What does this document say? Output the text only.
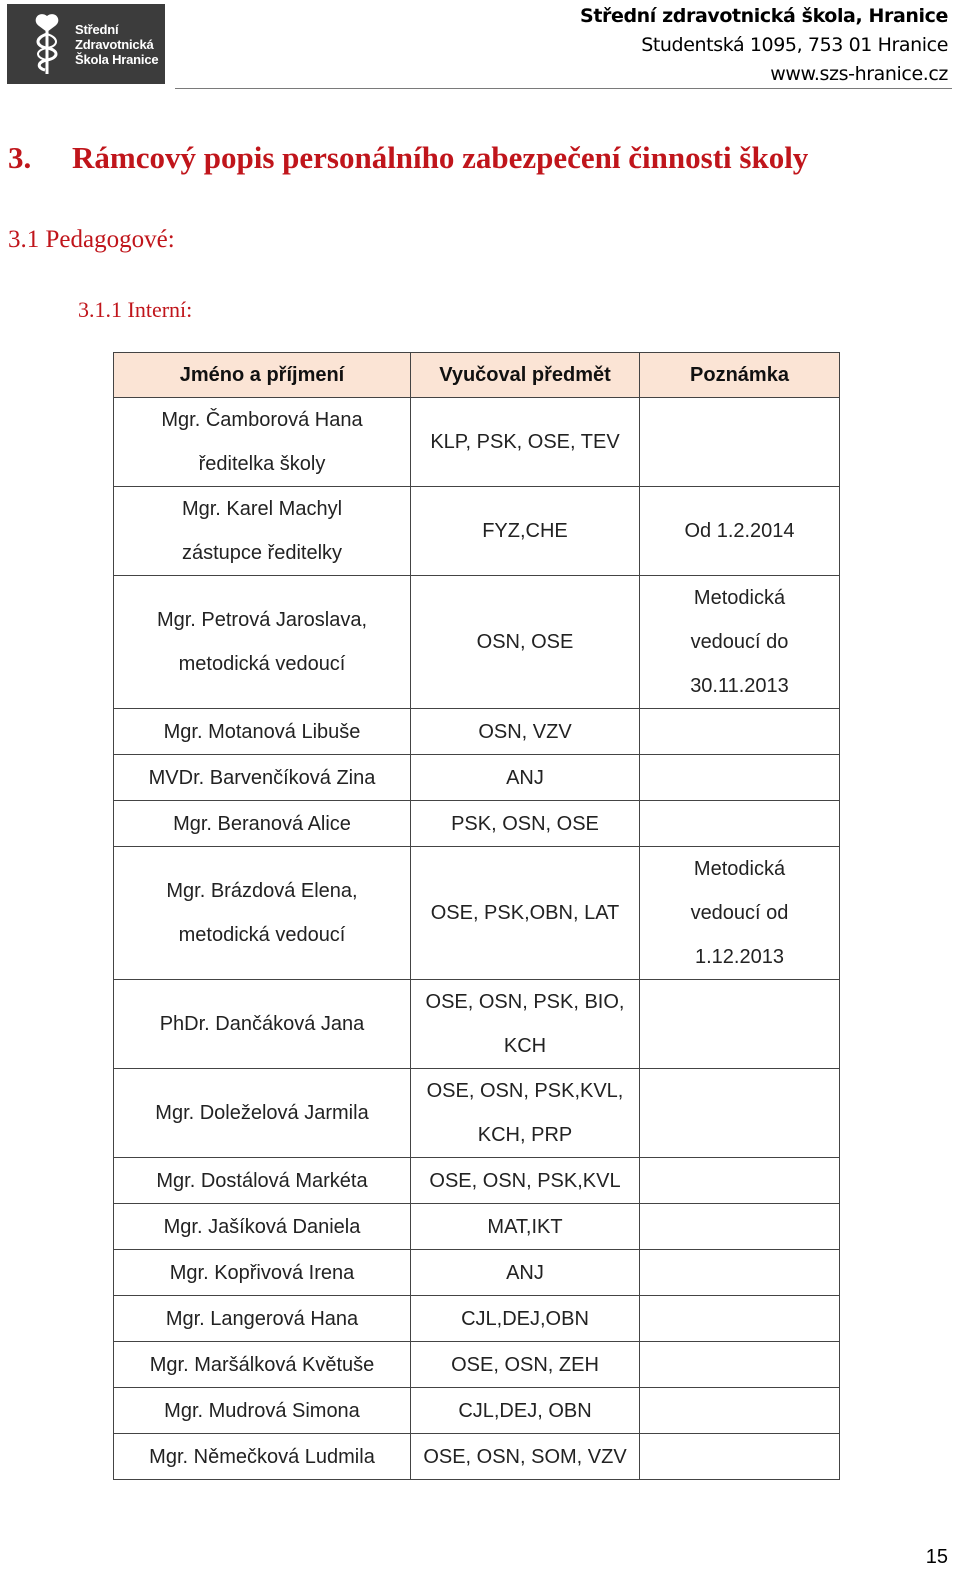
Střední
Zdravotnická
Škola Hranice
Střední zdravotnická škola, Hranice
Studentská 1095, 753 01 Hranice
www.szs-hranice.cz
3. Rámcový popis personálního zabezpečení činnosti školy
3.1 Pedagogové:
3.1.1 Interní:
Jméno a příjmení	Vyučoval předmět	Poznámka

Mgr. Čamborová Hana
ředitelka školy	KLP, PSK, OSE, TEV	

Mgr. Karel Machyl
zástupce ředitelky	FYZ,CHE	Od 1.2.2014

Mgr. Petrová Jaroslava,
metodická vedoucí	OSN, OSE	Metodická
vedoucí do
30.11.2013

Mgr. Motanová Libuše	OSN, VZV	

MVDr. Barvenčíková Zina	ANJ	

Mgr. Beranová Alice	PSK, OSN, OSE	

Mgr. Brázdová Elena,
metodická vedoucí	OSE, PSK,OBN, LAT	Metodická
vedoucí od
1.12.2013

PhDr. Dančáková Jana	OSE, OSN, PSK, BIO,
KCH	

Mgr. Doleželová Jarmila	OSE, OSN, PSK,KVL,
KCH, PRP	

Mgr. Dostálová Markéta	OSE, OSN, PSK,KVL	

Mgr. Jašíková Daniela	MAT,IKT	

Mgr. Kopřivová Irena	ANJ	

Mgr. Langerová Hana	CJL,DEJ,OBN	

Mgr. Maršálková Květuše	OSE, OSN, ZEH	

Mgr. Mudrová Simona	CJL,DEJ, OBN	

Mgr. Němečková Ludmila	OSE, OSN, SOM, VZV	

15
